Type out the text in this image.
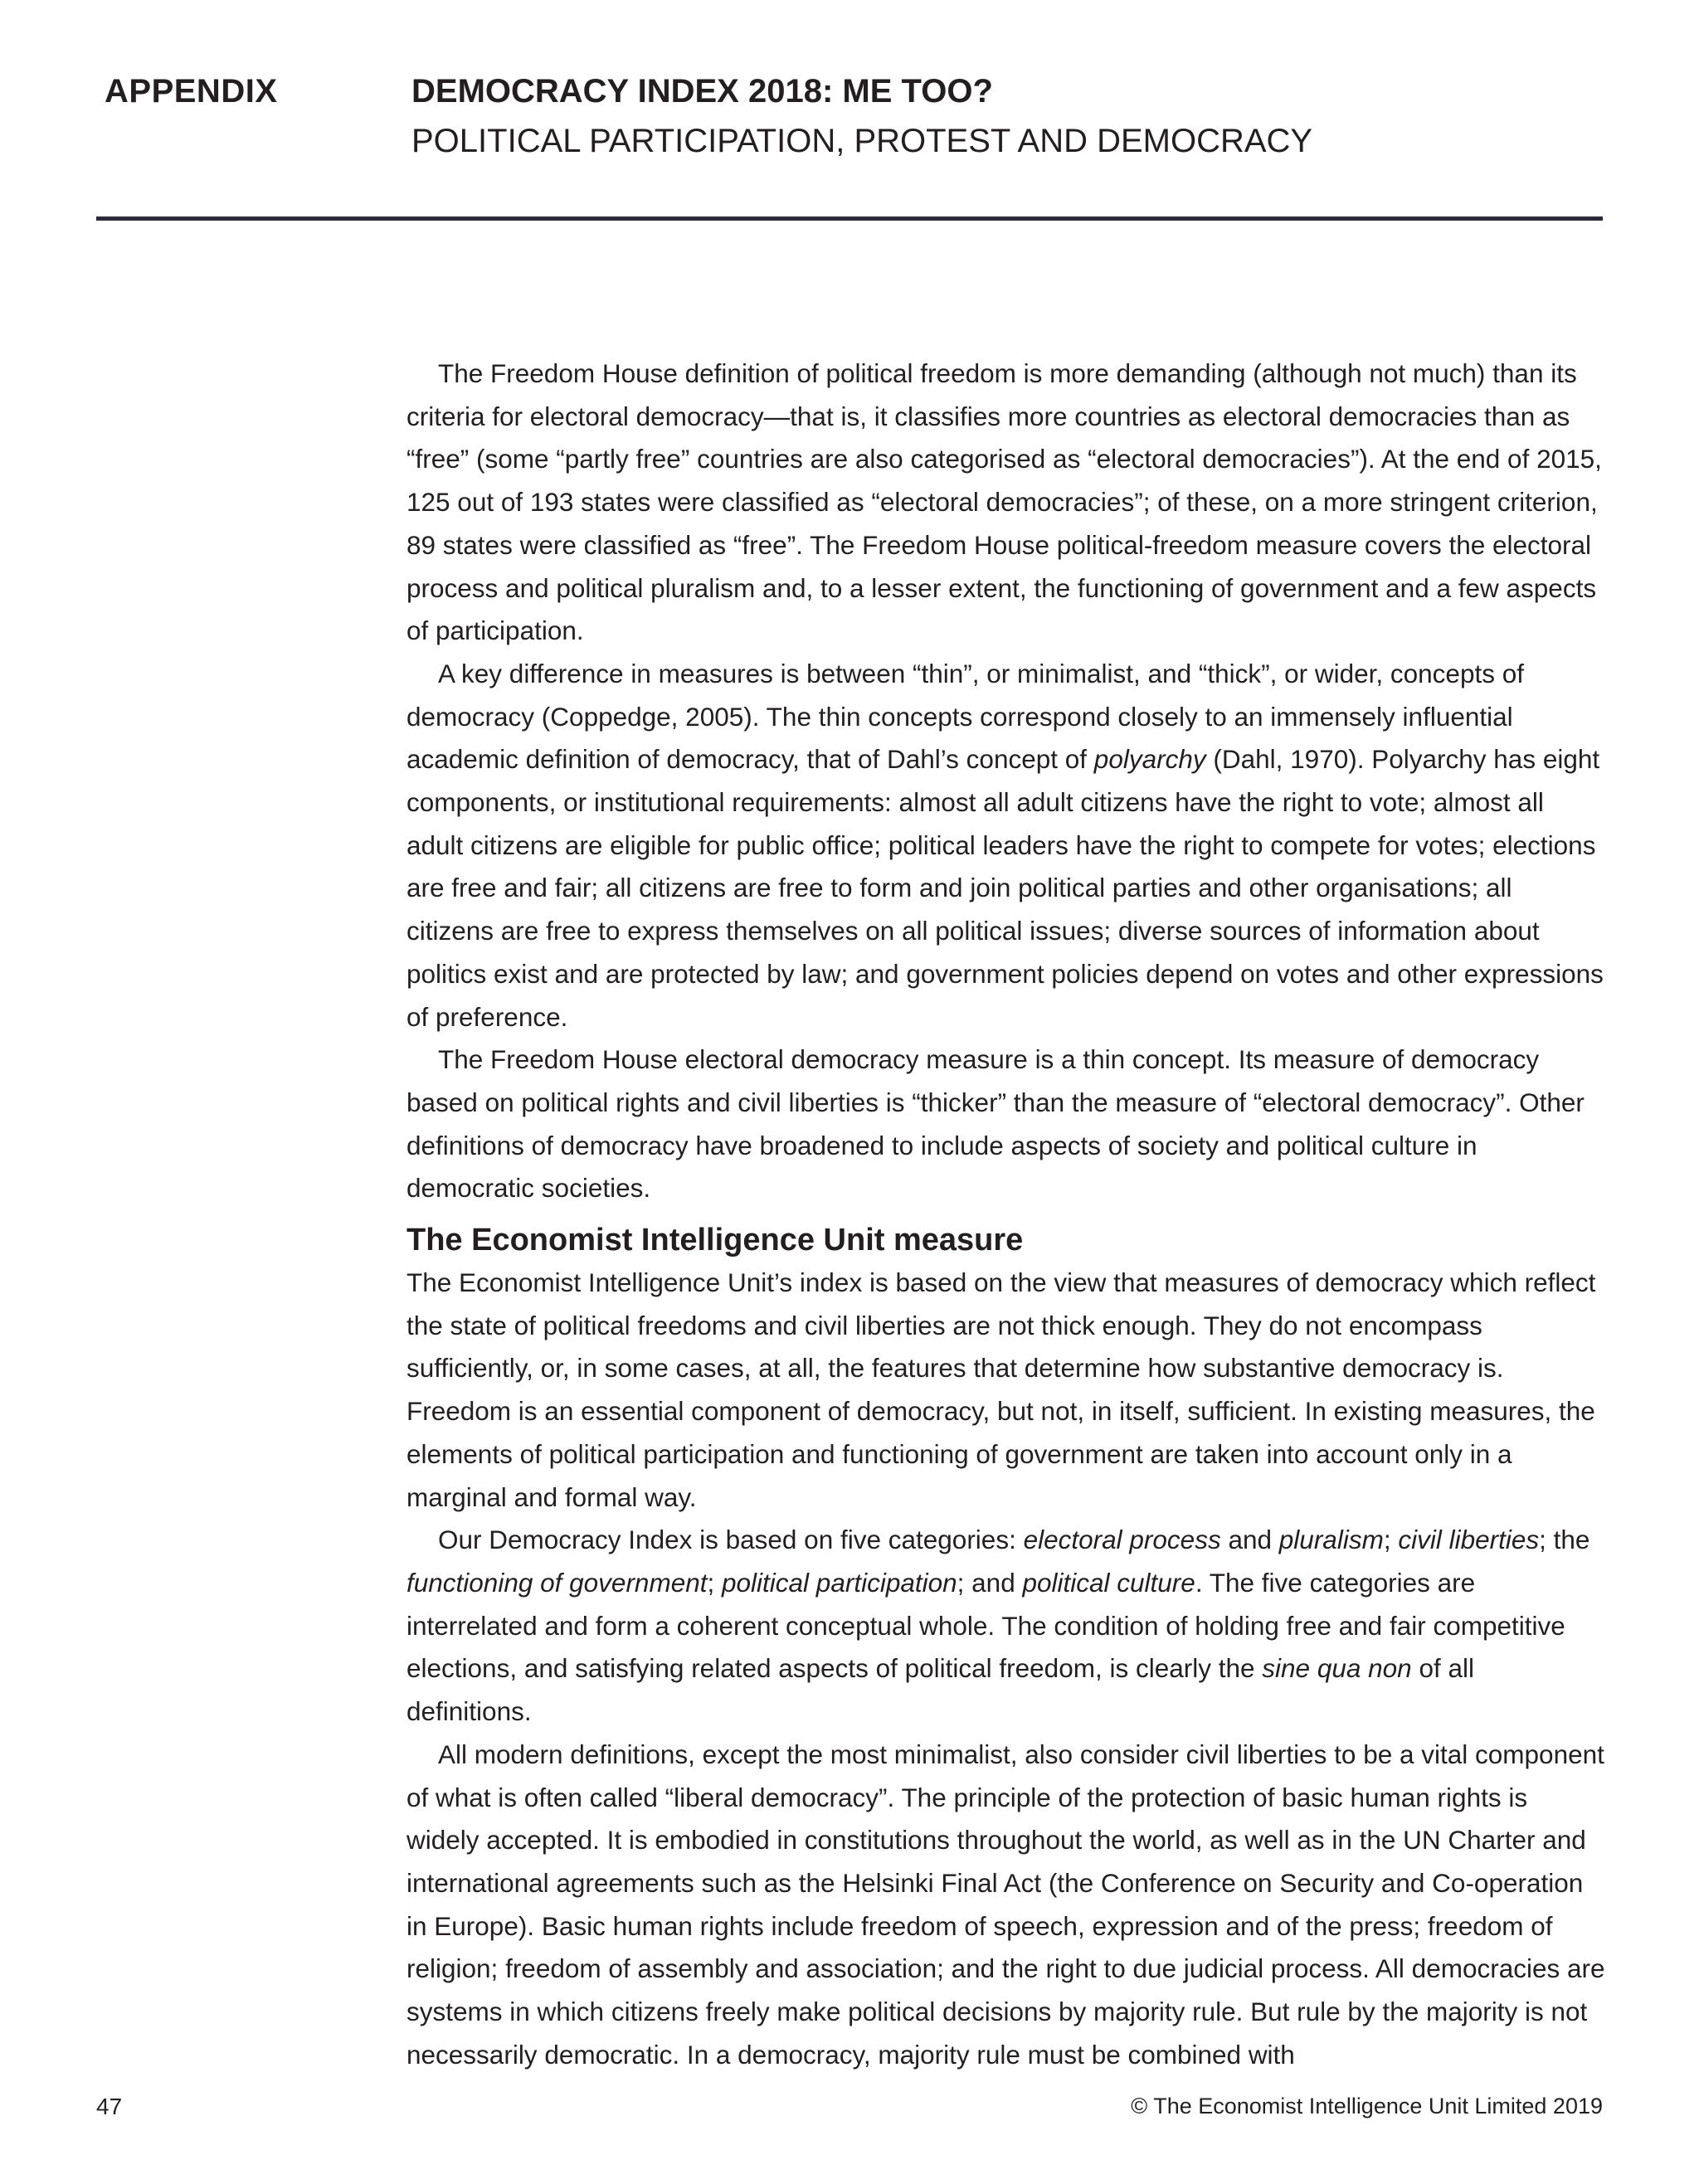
APPENDIX	DEMOCRACY INDEX 2018: ME TOO?
POLITICAL PARTICIPATION, PROTEST AND DEMOCRACY

The Freedom House definition of political freedom is more demanding (although not much) than its criteria for electoral democracy—that is, it classifies more countries as electoral democracies than as “free” (some “partly free” countries are also categorised as “electoral democracies”). At the end of 2015, 125 out of 193 states were classified as “electoral democracies”; of these, on a more stringent criterion, 89 states were classified as “free”. The Freedom House political-freedom measure covers the electoral process and political pluralism and, to a lesser extent, the functioning of government and a few aspects of participation.

A key difference in measures is between “thin”, or minimalist, and “thick”, or wider, concepts of democracy (Coppedge, 2005). The thin concepts correspond closely to an immensely influential academic definition of democracy, that of Dahl’s concept of polyarchy (Dahl, 1970). Polyarchy has eight components, or institutional requirements: almost all adult citizens have the right to vote; almost all adult citizens are eligible for public office; political leaders have the right to compete for votes; elections are free and fair; all citizens are free to form and join political parties and other organisations; all citizens are free to express themselves on all political issues; diverse sources of information about politics exist and are protected by law; and government policies depend on votes and other expressions of preference.

The Freedom House electoral democracy measure is a thin concept. Its measure of democracy based on political rights and civil liberties is “thicker” than the measure of “electoral democracy”. Other definitions of democracy have broadened to include aspects of society and political culture in democratic societies.

The Economist Intelligence Unit measure

The Economist Intelligence Unit’s index is based on the view that measures of democracy which reflect the state of political freedoms and civil liberties are not thick enough. They do not encompass sufficiently, or, in some cases, at all, the features that determine how substantive democracy is. Freedom is an essential component of democracy, but not, in itself, sufficient. In existing measures, the elements of political participation and functioning of government are taken into account only in a marginal and formal way.

Our Democracy Index is based on five categories: electoral process and pluralism; civil liberties; the functioning of government; political participation; and political culture. The five categories are interrelated and form a coherent conceptual whole. The condition of holding free and fair competitive elections, and satisfying related aspects of political freedom, is clearly the sine qua non of all definitions.

All modern definitions, except the most minimalist, also consider civil liberties to be a vital component of what is often called “liberal democracy”. The principle of the protection of basic human rights is widely accepted. It is embodied in constitutions throughout the world, as well as in the UN Charter and international agreements such as the Helsinki Final Act (the Conference on Security and Co-operation in Europe). Basic human rights include freedom of speech, expression and of the press; freedom of religion; freedom of assembly and association; and the right to due judicial process. All democracies are systems in which citizens freely make political decisions by majority rule. But rule by the majority is not necessarily democratic. In a democracy, majority rule must be combined with

47	© The Economist Intelligence Unit Limited 2019
